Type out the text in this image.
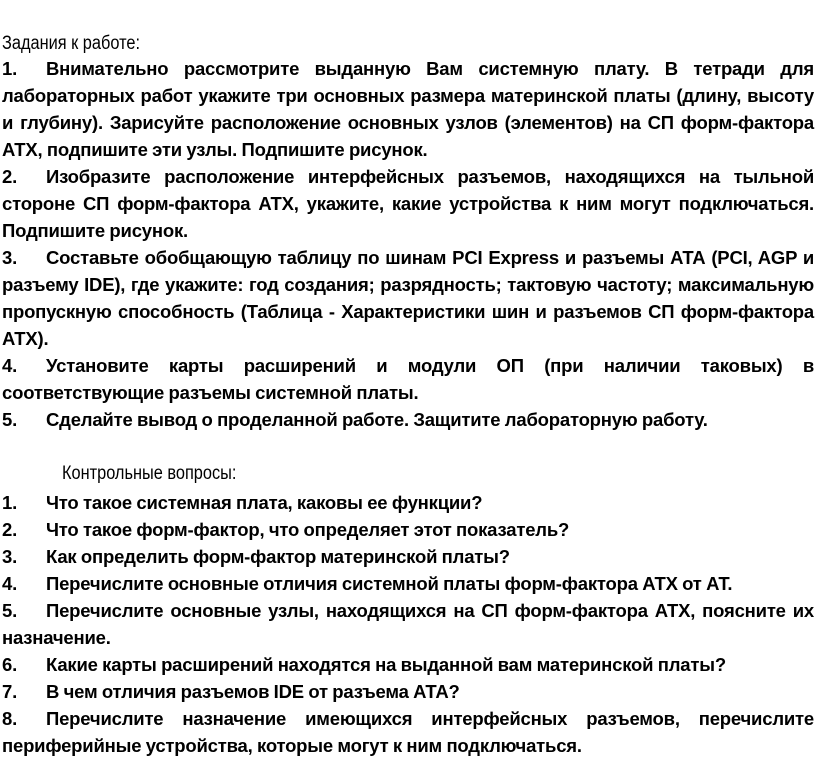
Задания к работе:
1. Внимательно рассмотрите выданную Вам системную плату. В тетради для лабораторных работ укажите три основных размера материнской платы (длину, высоту и глубину). Зарисуйте расположение основных узлов (элементов) на СП форм-фактора АТХ, подпишите эти узлы. Подпишите рисунок.
2. Изобразите расположение интерфейсных разъемов, находящихся на тыльной стороне СП форм-фактора АТХ, укажите, какие устройства к ним могут подключаться. Подпишите рисунок.
3. Составьте обобщающую таблицу по шинам PCI Express и разъемы АТА (PCI, AGP и разъему IDE), где укажите: год создания; разрядность; тактовую частоту; максимальную пропускную способность (Таблица - Характеристики шин и разъемов СП форм-фактора АТХ).
4. Установите карты расширений и модули ОП (при наличии таковых) в соответствующие разъемы системной платы.
5. Сделайте вывод о проделанной работе. Защитите лабораторную работу.
Контрольные вопросы:
1. Что такое системная плата, каковы ее функции?
2. Что такое форм-фактор, что определяет этот показатель?
3. Как определить форм-фактор материнской платы?
4. Перечислите основные отличия системной платы форм-фактора АТХ от АТ.
5. Перечислите основные узлы, находящихся на СП форм-фактора АТХ, поясните их назначение.
6. Какие карты расширений находятся на выданной вам материнской платы?
7. В чем отличия разъемов IDE от разъема АТА?
8. Перечислите назначение имеющихся интерфейсных разъемов, перечислите периферийные устройства, которые могут к ним подключаться.
